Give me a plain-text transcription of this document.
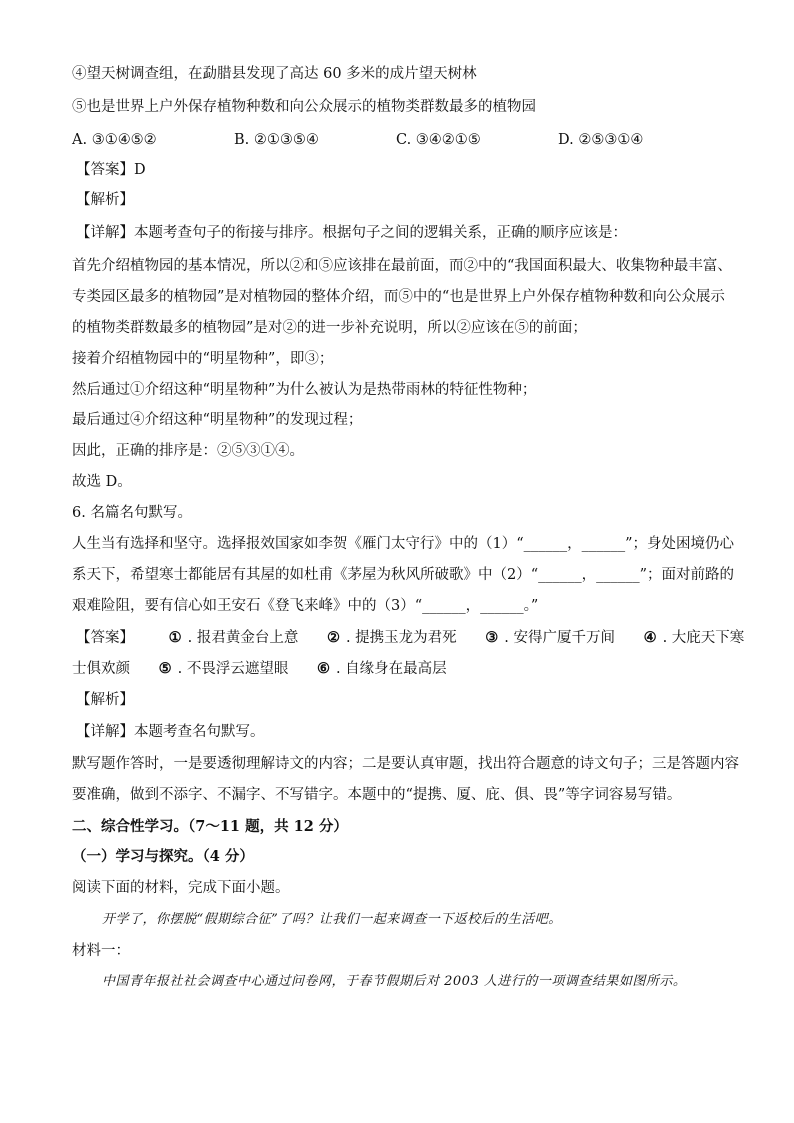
④望天树调查组，在勐腊县发现了高达 60 多米的成片望天树林
⑤也是世界上户外保存植物种数和向公众展示的植物类群数最多的植物园
A. ③①④⑤②	B. ②①③⑤④	C. ③④②①⑤	D. ②⑤③①④
【答案】D
【解析】
【详解】本题考查句子的衔接与排序。根据句子之间的逻辑关系，正确的顺序应该是：
首先介绍植物园的基本情况，所以②和⑤应该排在最前面，而②中的“我国面积最大、收集物种最丰富、
专类园区最多的植物园”是对植物园的整体介绍，而⑤中的“也是世界上户外保存植物种数和向公众展示
的植物类群数最多的植物园”是对②的进一步补充说明，所以②应该在⑤的前面；
接着介绍植物园中的“明星物种”，即③；
然后通过①介绍这种“明星物种”为什么被认为是热带雨林的特征性物种；
最后通过④介绍这种“明星物种”的发现过程；
因此，正确的排序是：②⑤③①④。
故选 D。
6. 名篇名句默写。
人生当有选择和坚守。选择报效国家如李贺《雁门太守行》中的（1）“______，______”；身处困境仍心
系天下，希望寒士都能居有其屋的如杜甫《茅屋为秋风所破歌》中（2）“______，______”；面对前路的
艰难险阻，要有信心如王安石《登飞来峰》中的（3）“______，______。”
【答案】 ① . 报君黄金台上意 ② . 提携玉龙为君死 ③ . 安得广厦千万间 ④ . 大庇天下寒
士俱欢颜 ⑤ . 不畏浮云遮望眼 ⑥ . 自缘身在最高层
【解析】
【详解】本题考查名句默写。
默写题作答时，一是要透彻理解诗文的内容；二是要认真审题，找出符合题意的诗文句子；三是答题内容
要准确，做到不添字、不漏字、不写错字。本题中的“提携、厦、庇、俱、畏”等字词容易写错。
二、综合性学习。（7～11 题，共 12 分）
（一）学习与探究。（4 分）
阅读下面的材料，完成下面小题。
开学了，你摆脱“假期综合征”了吗？让我们一起来调查一下返校后的生活吧。
材料一：
中国青年报社社会调查中心通过问卷网，于春节假期后对 2003 人进行的一项调查结果如图所示。
